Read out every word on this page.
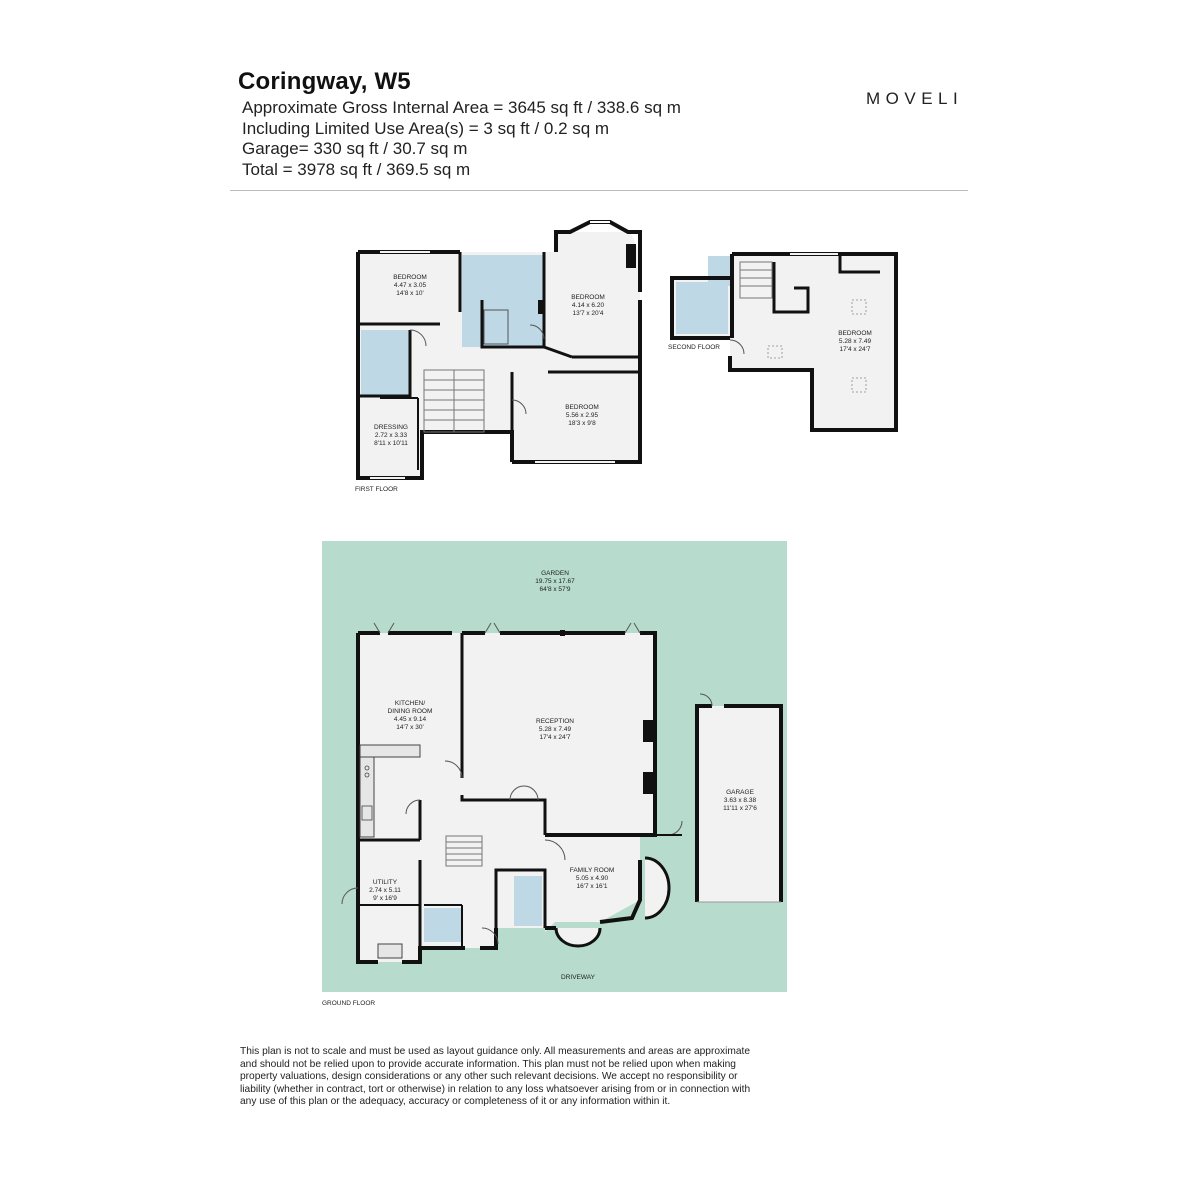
Coringway, W5
Approximate Gross Internal Area = 3645 sq ft / 338.6 sq m
Including Limited Use Area(s) = 3 sq ft / 0.2 sq m
Garage= 330 sq ft / 30.7 sq m
Total = 3978 sq ft / 369.5 sq m
MOVELI
BEDROOM
4.47 x 3.05
14'8 x 10'
BEDROOM
4.14 x 6.20
13'7 x 20'4
BEDROOM
5.56 x 2.95
18'3 x 9'8
DRESSING
2.72 x 3.33
8'11 x 10'11
FIRST FLOOR
BEDROOM
5.28 x 7.49
17'4 x 24'7
SECOND FLOOR
GARDEN
19.75 x 17.67
64'8 x 57'9
KITCHEN/
DINING ROOM
4.45 x 9.14
14'7 x 30'
RECEPTION
5.28 x 7.49
17'4 x 24'7
GARAGE
3.63 x 8.38
11'11 x 27'6
FAMILY ROOM
5.05 x 4.90
16'7 x 16'1
UTILITY
2.74 x 5.11
9' x 16'9
DRIVEWAY
GROUND FLOOR
This plan is not to scale and must be used as layout guidance only. All measurements and areas are approximate
and should not be relied upon to provide accurate information. This plan must not be relied upon when making
property valuations, design considerations or any other such relevant decisions. We accept no responsibility or
liability (whether in contract, tort or otherwise) in relation to any loss whatsoever arising from or in connection with
any use of this plan or the adequacy, accuracy or completeness of it or any information within it.
